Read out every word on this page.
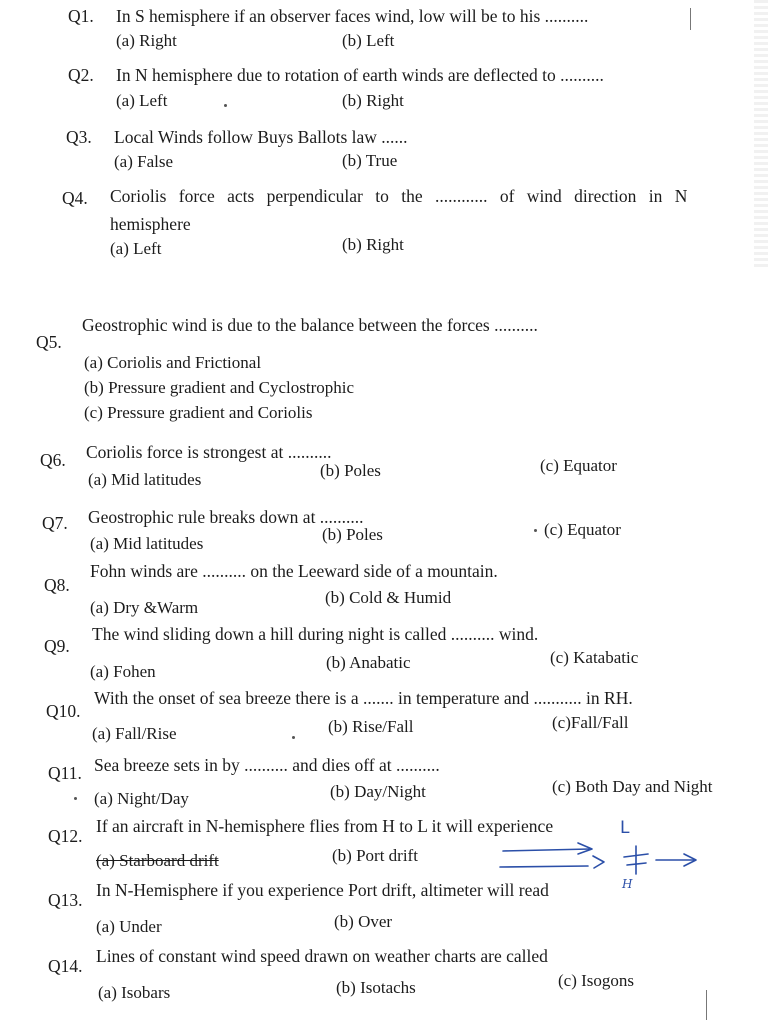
Q1. In S hemisphere if an observer faces wind, low will be to his ..........
(a) Right	(b) Left
Q2. In N hemisphere due to rotation of earth winds are deflected to ..........
(a) Left	(b) Right
Q3. Local Winds follow Buys Ballots law ......
(a) False	(b) True
Q4. Coriolis force acts perpendicular to the ............ of wind direction in N
hemisphere
(a) Left	(b) Right
Q5.
Geostrophic wind is due to the balance between the forces ..........
(a) Coriolis and Frictional
(b) Pressure gradient and Cyclostrophic
(c) Pressure gradient and Coriolis
Q6. Coriolis force is strongest at ..........
(a) Mid latitudes	(b) Poles	(c) Equator
Q7. Geostrophic rule breaks down at ..........
(a) Mid latitudes	(b) Poles	(c) Equator
Q8.
Fohn winds are .......... on the Leeward side of a mountain.
(a) Dry &Warm
(b) Cold & Humid
Q9.
The wind sliding down a hill during night is called .......... wind.
(a) Fohen	(b) Anabatic	(c) Katabatic
Q10.
With the onset of sea breeze there is a ....... in temperature and ........... in RH.
(a) Fall/Rise	(b) Rise/Fall	(c)Fall/Fall
Q11. Sea breeze sets in by .......... and dies off at ..........
(a) Night/Day	(b) Day/Night	(c) Both Day and Night
Q12. If an aircraft in N-hemisphere flies from H to L it will experience
(a) Starboard drift	(b) Port drift
Q13. In N-Hemisphere if you experience Port drift, altimeter will read
(a) Under	(b) Over
Q14. Lines of constant wind speed drawn on weather charts are called
(a) Isobars	(b) Isotachs	(c) Isogons
L
H
